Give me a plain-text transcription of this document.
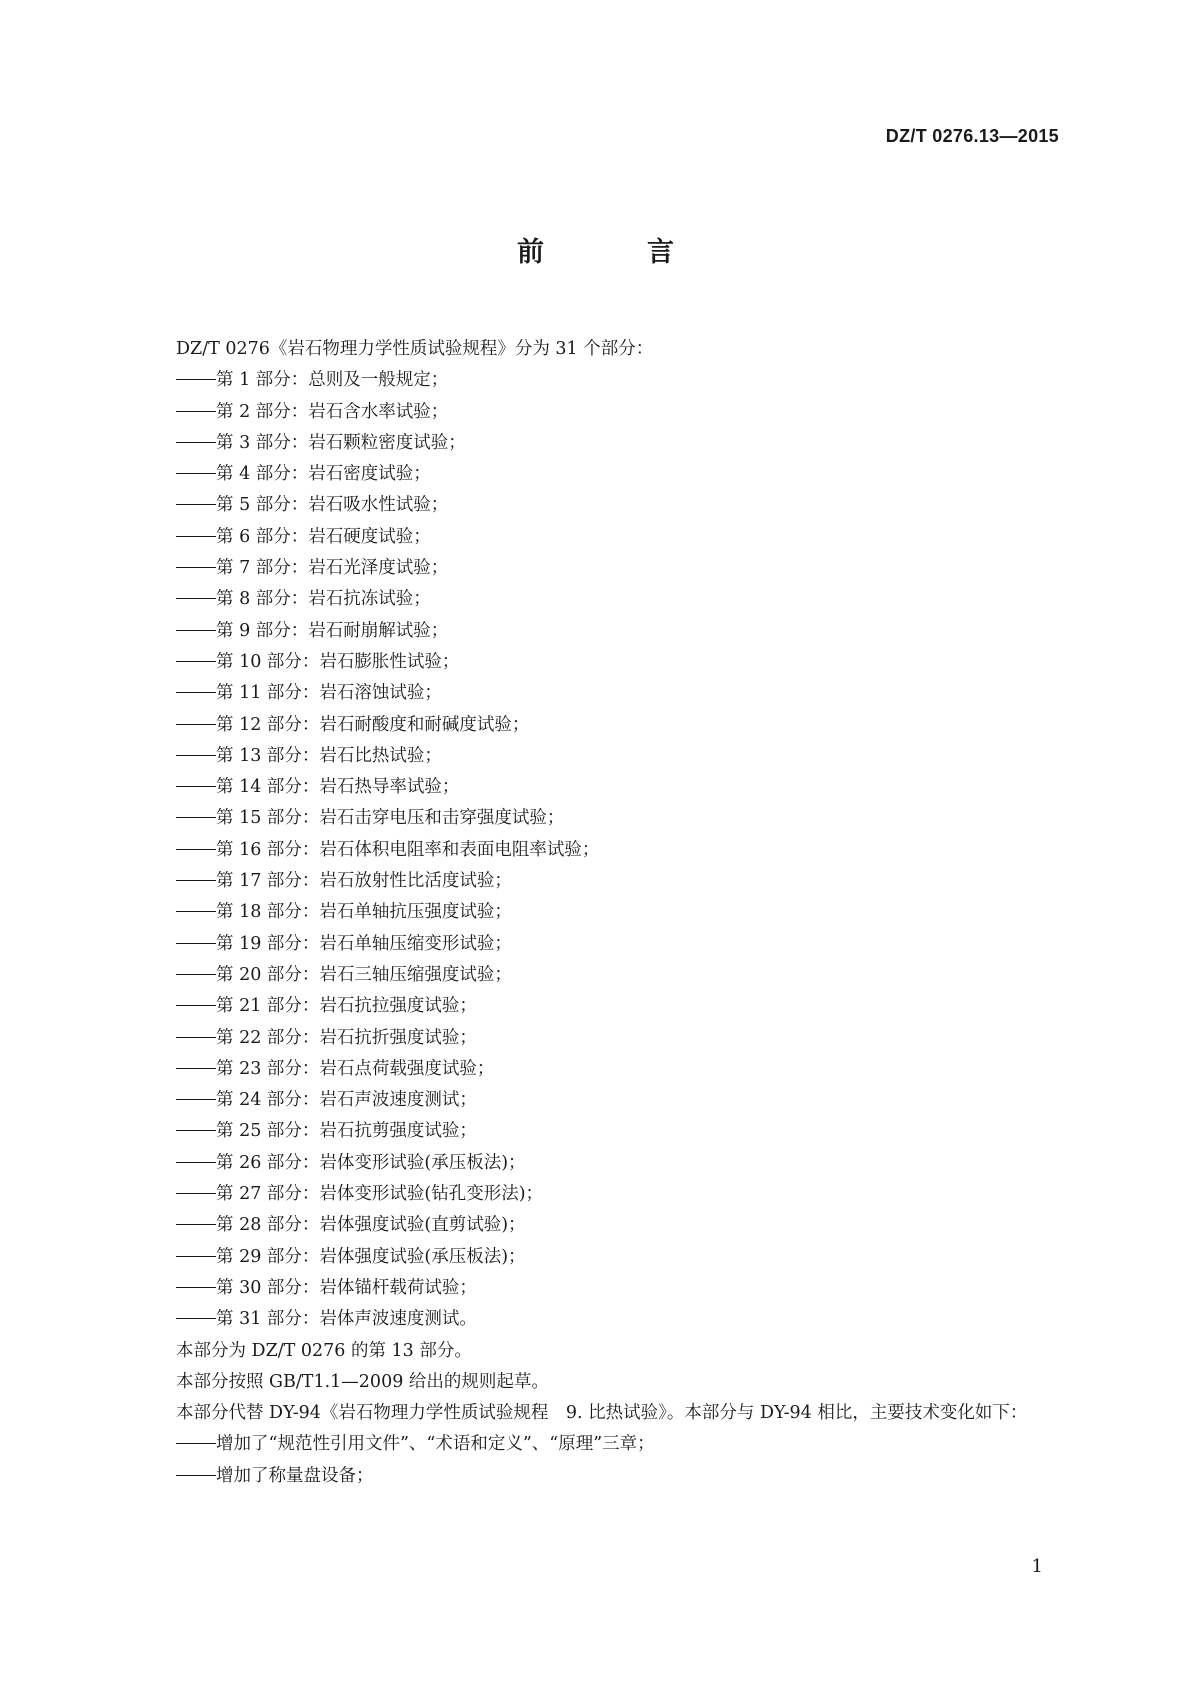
DZ/T 0276.13—2015
前　言
DZ/T 0276《岩石物理力学性质试验规程》分为 31 个部分：
第 1 部分：总则及一般规定；
第 2 部分：岩石含水率试验；
第 3 部分：岩石颗粒密度试验；
第 4 部分：岩石密度试验；
第 5 部分：岩石吸水性试验；
第 6 部分：岩石硬度试验；
第 7 部分：岩石光泽度试验；
第 8 部分：岩石抗冻试验；
第 9 部分：岩石耐崩解试验；
第 10 部分：岩石膨胀性试验；
第 11 部分：岩石溶蚀试验；
第 12 部分：岩石耐酸度和耐碱度试验；
第 13 部分：岩石比热试验；
第 14 部分：岩石热导率试验；
第 15 部分：岩石击穿电压和击穿强度试验；
第 16 部分：岩石体积电阻率和表面电阻率试验；
第 17 部分：岩石放射性比活度试验；
第 18 部分：岩石单轴抗压强度试验；
第 19 部分：岩石单轴压缩变形试验；
第 20 部分：岩石三轴压缩强度试验；
第 21 部分：岩石抗拉强度试验；
第 22 部分：岩石抗折强度试验；
第 23 部分：岩石点荷载强度试验；
第 24 部分：岩石声波速度测试；
第 25 部分：岩石抗剪强度试验；
第 26 部分：岩体变形试验(承压板法)；
第 27 部分：岩体变形试验(钻孔变形法)；
第 28 部分：岩体强度试验(直剪试验)；
第 29 部分：岩体强度试验(承压板法)；
第 30 部分：岩体锚杆载荷试验；
第 31 部分：岩体声波速度测试。
本部分为 DZ/T 0276 的第 13 部分。
本部分按照 GB/T1.1—2009 给出的规则起草。
本部分代替 DY-94《岩石物理力学性质试验规程　9. 比热试验》。本部分与 DY-94 相比，主要技术变化如下：
增加了“规范性引用文件”、“术语和定义”、“原理”三章；
增加了称量盘设备；
1
